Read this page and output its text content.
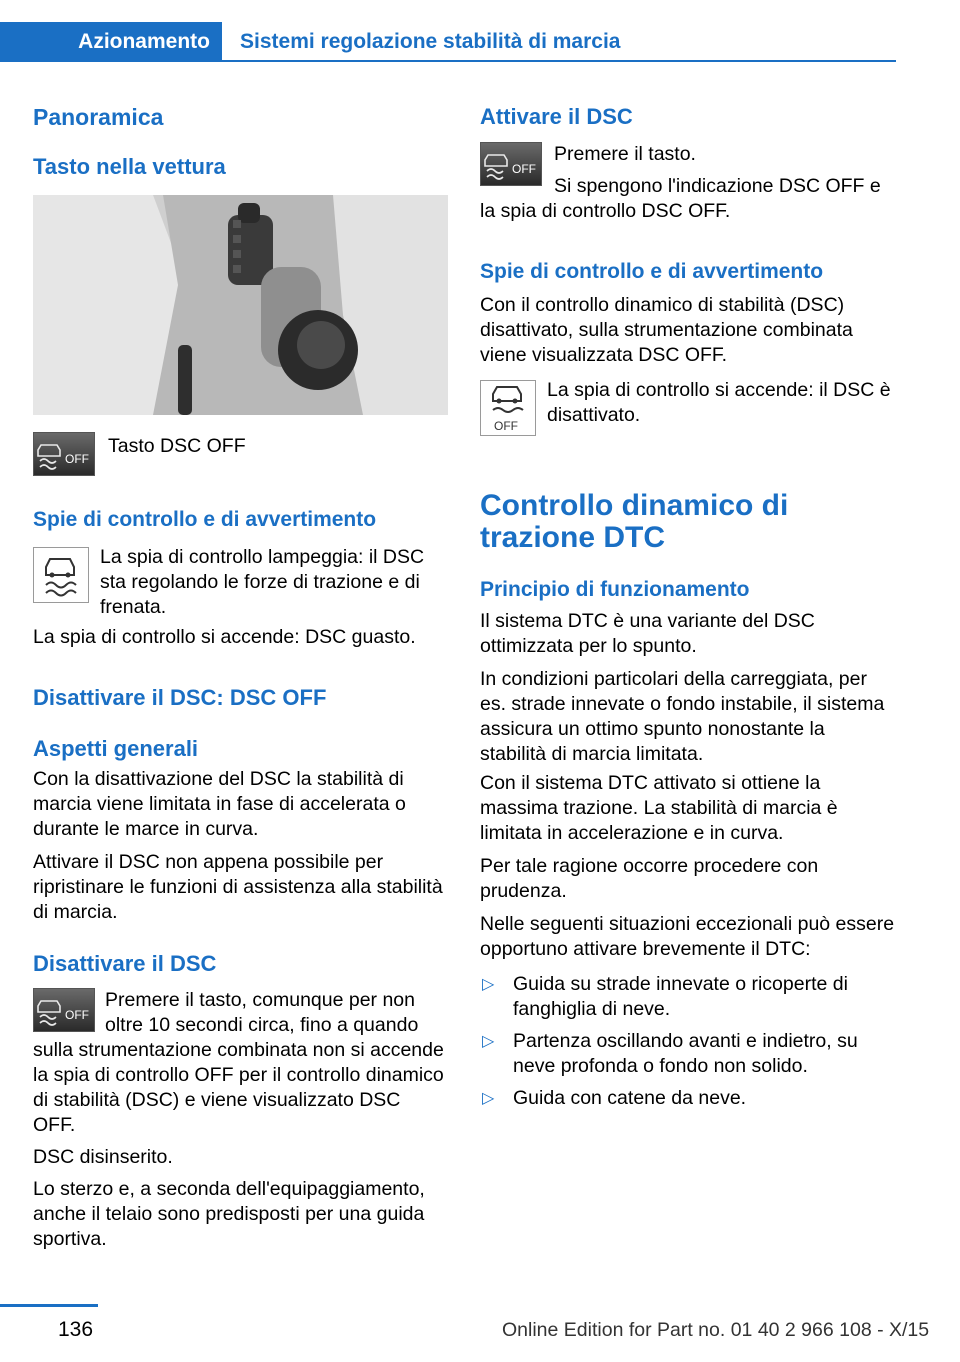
Azionamento Sistemi regolazione stabilità di marcia
Panoramica
Tasto nella vettura
OFF

Tasto DSC OFF

Spie di controllo e di avvertimento

La spia di controllo lampeggia: il DSC sta regolando le forze di trazione e di frenata.

La spia di controllo si accende: DSC guasto.

Disattivare il DSC: DSC OFF
Aspetti generali

Con la disattivazione del DSC la stabilità di marcia viene limitata in fase di accelerata o durante le marce in curva.

Attivare il DSC non appena possibile per ripristinare le funzioni di assistenza alla stabilità di marcia.

Disattivare il DSC
OFF

Premere il tasto, comunque per non oltre 10 secondi circa, fino a quando sulla strumentazione combinata non si accende la spia di controllo OFF per il controllo dinamico di stabilità (DSC) e viene visualizzato DSC OFF.

DSC disinserito.

Lo sterzo e, a seconda dell'equipaggiamento, anche il telaio sono predisposti per una guida sportiva.

Attivare il DSC
OFF

Premere il tasto.

Si spengono l'indicazione DSC OFF e la spia di controllo DSC OFF.

Spie di controllo e di avvertimento

Con il controllo dinamico di stabilità (DSC) disattivato, sulla strumentazione combinata viene visualizzata DSC OFF.

OFF

La spia di controllo si accende: il DSC è disattivato.

Controllo dinamico di trazione DTC
Principio di funzionamento

Il sistema DTC è una variante del DSC ottimizzata per lo spunto.

In condizioni particolari della carreggiata, per es. strade innevate o fondo instabile, il sistema assicura un ottimo spunto nonostante la stabilità di marcia limitata.

Con il sistema DTC attivato si ottiene la massima trazione. La stabilità di marcia è limitata in accelerazione e in curva.

Per tale ragione occorre procedere con prudenza.

Nelle seguenti situazioni eccezionali può essere opportuno attivare brevemente il DTC:

▷ Guida su strade innevate o ricoperte di fanghiglia di neve.

▷ Partenza oscillando avanti e indietro, su neve profonda o fondo non solido.

▷ Guida con catene da neve.

136	Online Edition for Part no. 01 40 2 966 108 - X/15
